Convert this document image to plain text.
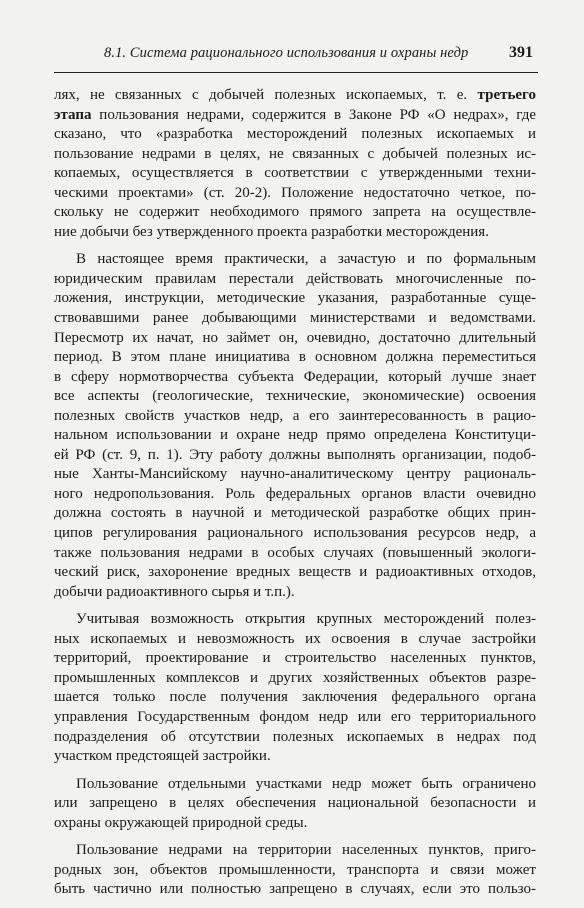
8.1. Система рационального использования и охраны недр	391

лях, не связанных с добычей полезных ископаемых, т. е. третьего
этапа пользования недрами, содержится в Законе РФ «О недрах», где
сказано, что «разработка месторождений полезных ископаемых и
пользование недрами в целях, не связанных с добычей полезных ис-
копаемых, осуществляется в соответствии с утвержденными техни-
ческими проектами» (ст. 20-2). Положение недостаточно четкое, по-
скольку не содержит необходимого прямого запрета на осуществле-
ние добычи без утвержденного проекта разработки месторождения.

В настоящее время практически, а зачастую и по формальным
юридическим правилам перестали действовать многочисленные по-
ложения, инструкции, методические указания, разработанные суще-
ствовавшими ранее добывающими министерствами и ведомствами.
Пересмотр их начат, но займет он, очевидно, достаточно длительный
период. В этом плане инициатива в основном должна переместиться
в сферу нормотворчества субъекта Федерации, который лучше знает
все аспекты (геологические, технические, экономические) освоения
полезных свойств участков недр, а его заинтересованность в рацио-
нальном использовании и охране недр прямо определена Конституци-
ей РФ (ст. 9, п. 1). Эту работу должны выполнять организации, подоб-
ные Ханты-Мансийскому научно-аналитическому центру рациональ-
ного недропользования. Роль федеральных органов власти очевидно
должна состоять в научной и методической разработке общих прин-
ципов регулирования рационального использования ресурсов недр, а
также пользования недрами в особых случаях (повышенный экологи-
ческий риск, захоронение вредных веществ и радиоактивных отходов,
добычи радиоактивного сырья и т.п.).

Учитывая возможность открытия крупных месторождений полез-
ных ископаемых и невозможность их освоения в случае застройки
территорий, проектирование и строительство населенных пунктов,
промышленных комплексов и других хозяйственных объектов разре-
шается только после получения заключения федерального органа
управления Государственным фондом недр или его территориального
подразделения об отсутствии полезных ископаемых в недрах под
участком предстоящей застройки.

Пользование отдельными участками недр может быть ограничено
или запрещено в целях обеспечения национальной безопасности и
охраны окружающей природной среды.

Пользование недрами на территории населенных пунктов, приго-
родных зон, объектов промышленности, транспорта и связи может
быть частично или полностью запрещено в случаях, если это пользо-
